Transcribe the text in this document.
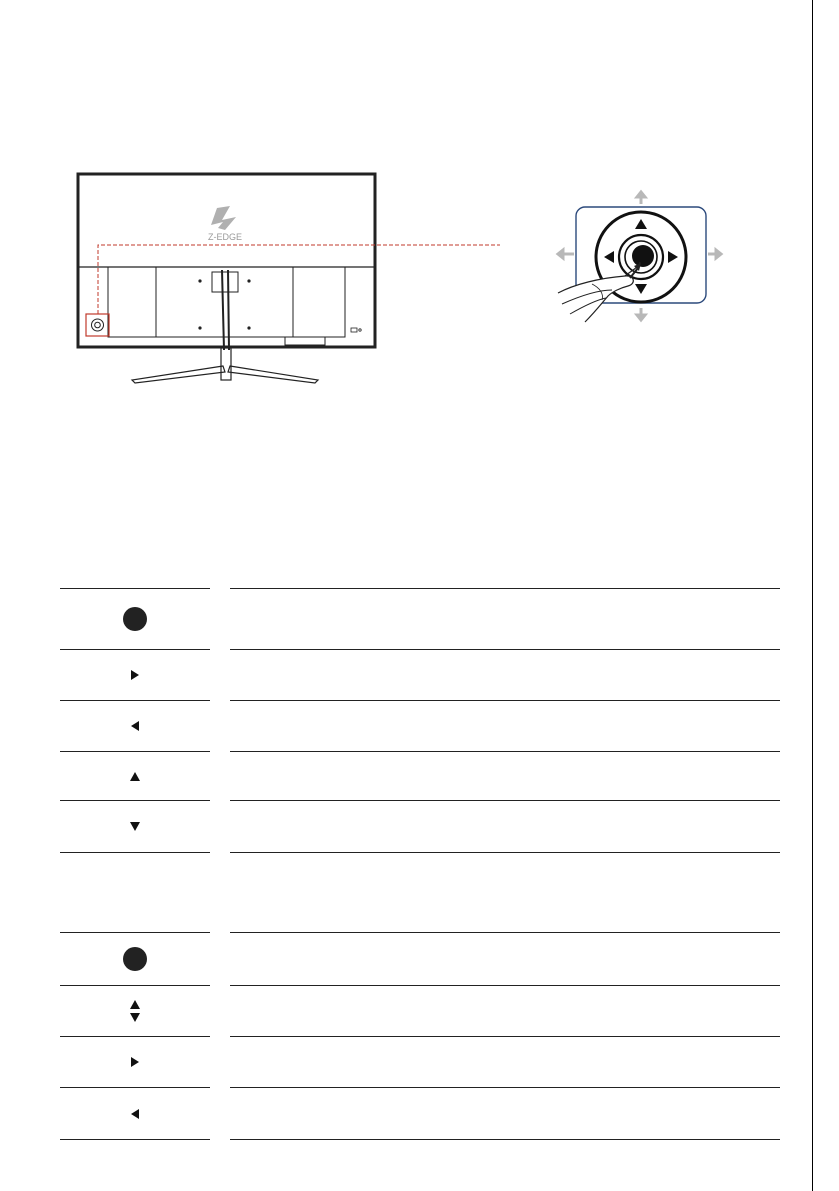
Z-EDGE
